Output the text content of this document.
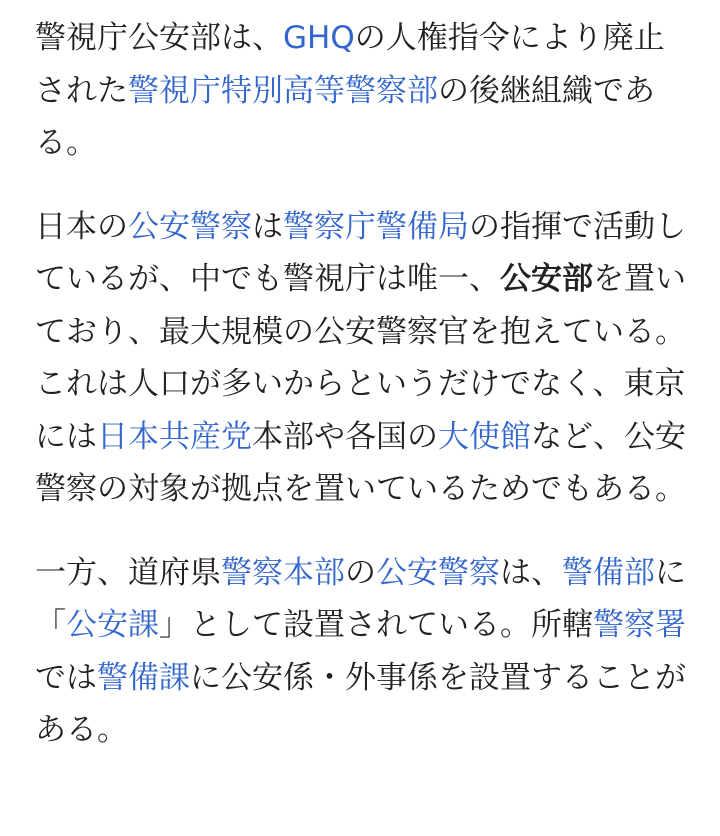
警視庁公安部は、GHQの人権指令により廃止された警視庁特別高等警察部の後継組織である。

日本の公安警察は警察庁警備局の指揮で活動しているが、中でも警視庁は唯一、公安部を置いており、最大規模の公安警察官を抱えている。これは人口が多いからというだけでなく、東京には日本共産党本部や各国の大使館など、公安警察の対象が拠点を置いているためでもある。

一方、道府県警察本部の公安警察は、警備部に「公安課」として設置されている。所轄警察署では警備課に公安係・外事係を設置することがある。
